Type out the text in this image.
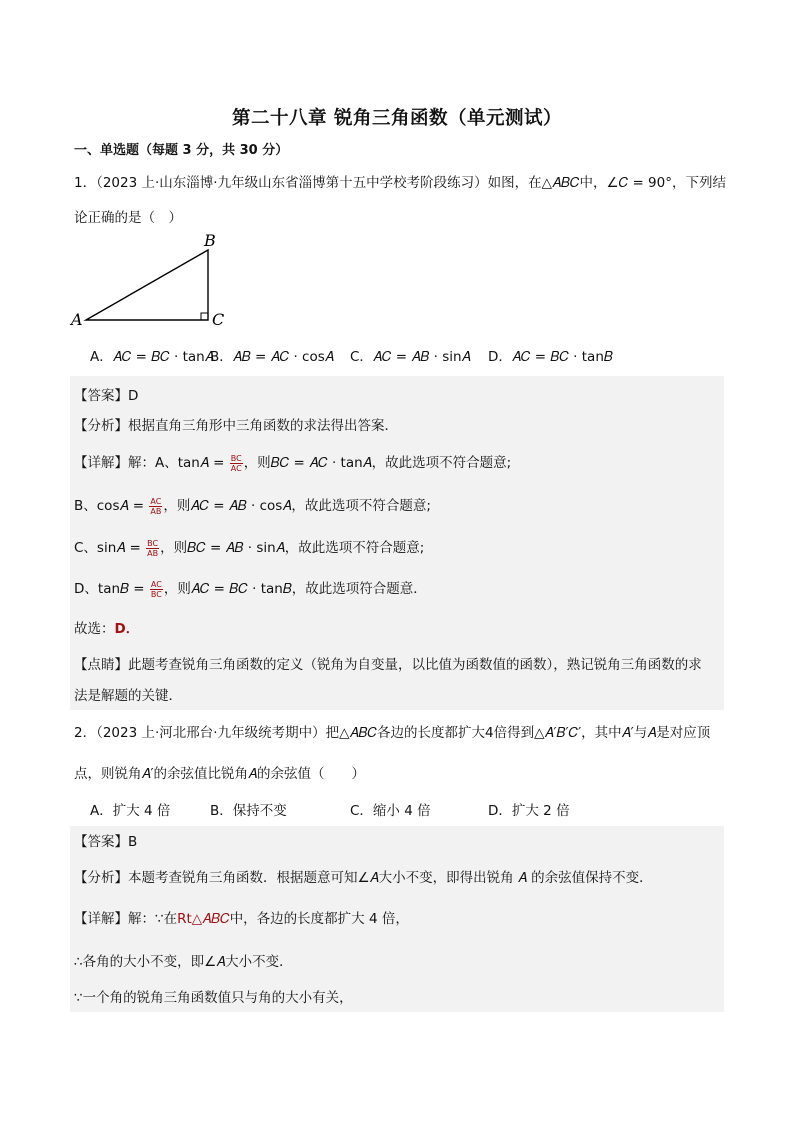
第二十八章 锐角三角函数（单元测试）
一、单选题（每题 3 分，共 30 分）
1．（2023 上·山东淄博·九年级山东省淄博第十五中学校考阶段练习）如图，在△𝐴𝐵𝐶中，∠𝐶 = 90°，下列结
论正确的是（　）
A
B
C
A．𝐴𝐶 = 𝐵𝐶 · tan𝐴
B．𝐴𝐵 = 𝐴𝐶 · cos𝐴 C．𝐴𝐶 = 𝐴𝐵 · sin𝐴 D．𝐴𝐶 = 𝐵𝐶 · tan𝐵
【答案】D
【分析】根据直角三角形中三角函数的求法得出答案．
【详解】解：A、tan𝐴 = $\frac{BC}{AC}$ ，则𝐵𝐶 = 𝐴𝐶 · tan𝐴，故此选项不符合题意;
B、cos𝐴 = $\frac{AC}{AB}$ ，则𝐴𝐶 = 𝐴𝐵 · cos𝐴，故此选项不符合题意;
C、sin𝐴 = $\frac{BC}{AB}$ ，则𝐵𝐶 = 𝐴𝐵 · sin𝐴，故此选项不符合题意;
D、tan𝐵 = $\frac{AC}{BC}$ ，则𝐴𝐶 = 𝐵𝐶 · tan𝐵，故此选项符合题意．
故选：D．
【点睛】此题考查锐角三角函数的定义（锐角为自变量，以比值为函数值的函数），熟记锐角三角函数的求
法是解题的关键．
2．（2023 上·河北邢台·九年级统考期中）把△𝐴𝐵𝐶各边的长度都扩大4倍得到△𝐴′𝐵′𝐶′，其中𝐴′与𝐴是对应顶
点，则锐角𝐴′的余弦值比锐角𝐴的余弦值（　　）
A．扩大 4 倍	B．保持不变	C．缩小 4 倍	D．扩大 2 倍
【答案】B
【分析】本题考查锐角三角函数．根据题意可知∠𝐴大小不变，即得出锐角 𝐴 的余弦值保持不变．
【详解】解：∵在Rt△𝐴𝐵𝐶中，各边的长度都扩大 4 倍，
∴各角的大小不变，即∠𝐴大小不变．
∵一个角的锐角三角函数值只与角的大小有关，
